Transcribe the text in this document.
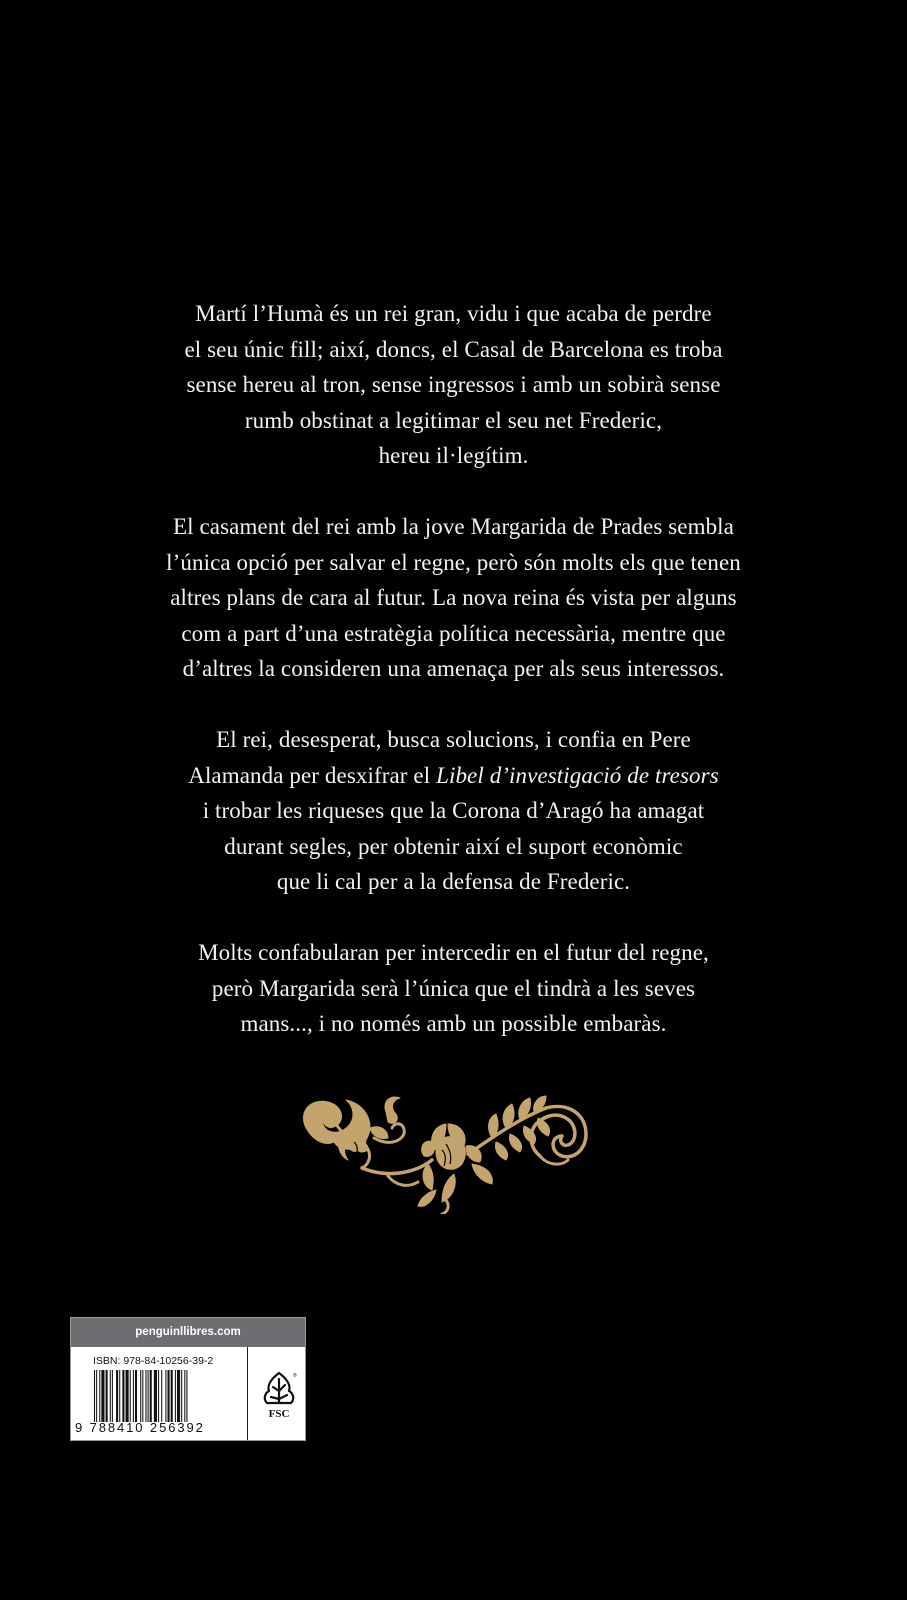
Martí l’Humà és un rei gran, vidu i que acaba de perdre
el seu únic fill; així, doncs, el Casal de Barcelona es troba
sense hereu al tron, sense ingressos i amb un sobirà sense
rumb obstinat a legitimar el seu net Frederic,
hereu il·legítim.

El casament del rei amb la jove Margarida de Prades sembla
l’única opció per salvar el regne, però són molts els que tenen
altres plans de cara al futur. La nova reina és vista per alguns
com a part d’una estratègia política necessària, mentre que
d’altres la consideren una amenaça per als seus interessos.

El rei, desesperat, busca solucions, i confia en Pere
Alamanda per desxifrar el Libel d’investigació de tresors
i trobar les riqueses que la Corona d’Aragó ha amagat
durant segles, per obtenir així el suport econòmic
que li cal per a la defensa de Frederic.

Molts confabularan per intercedir en el futur del regne,
però Margarida serà l’única que el tindrà a les seves
mans..., i no només amb un possible embaràs.

penguinllibres.com
ISBN: 978-84-10256-39-2
9 788410 256392
®
FSC
